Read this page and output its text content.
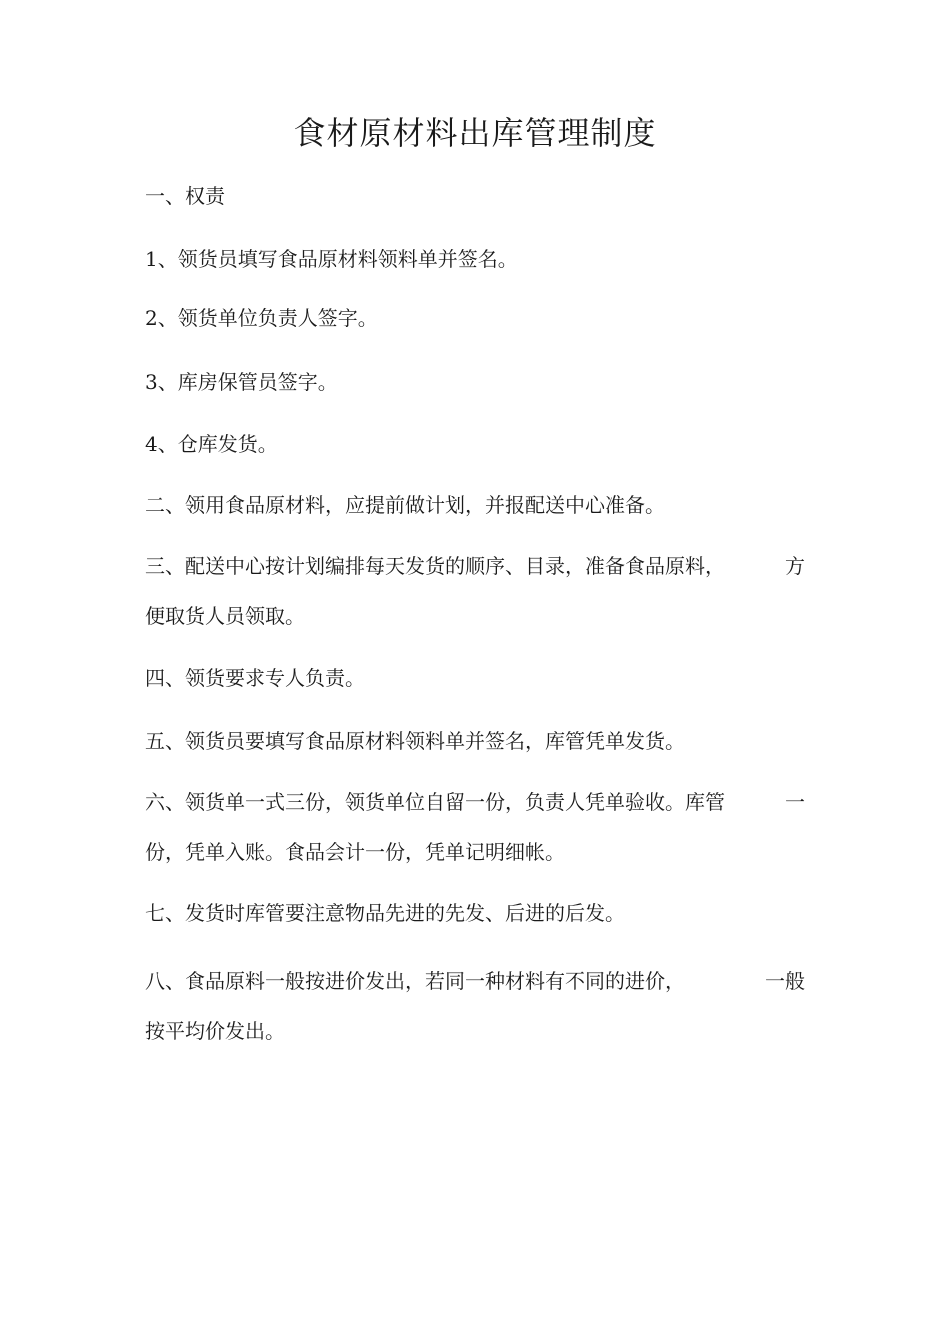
食材原材料出库管理制度
一、权责
1、领货员填写食品原材料领料单并签名。
2、领货单位负责人签字。
3、库房保管员签字。
4、仓库发货。
二、领用食品原材料，应提前做计划，并报配送中心准备。
三、配送中心按计划编排每天发货的顺序、目录，准备食品原料，	方
便取货人员领取。
四、领货要求专人负责。
五、领货员要填写食品原材料领料单并签名，库管凭单发货。
六、领货单一式三份，领货单位自留一份，负责人凭单验收。库管	一
份，凭单入账。食品会计一份，凭单记明细帐。
七、发货时库管要注意物品先进的先发、后进的后发。
八、食品原料一般按进价发出，若同一种材料有不同的进价，	一般
按平均价发出。
